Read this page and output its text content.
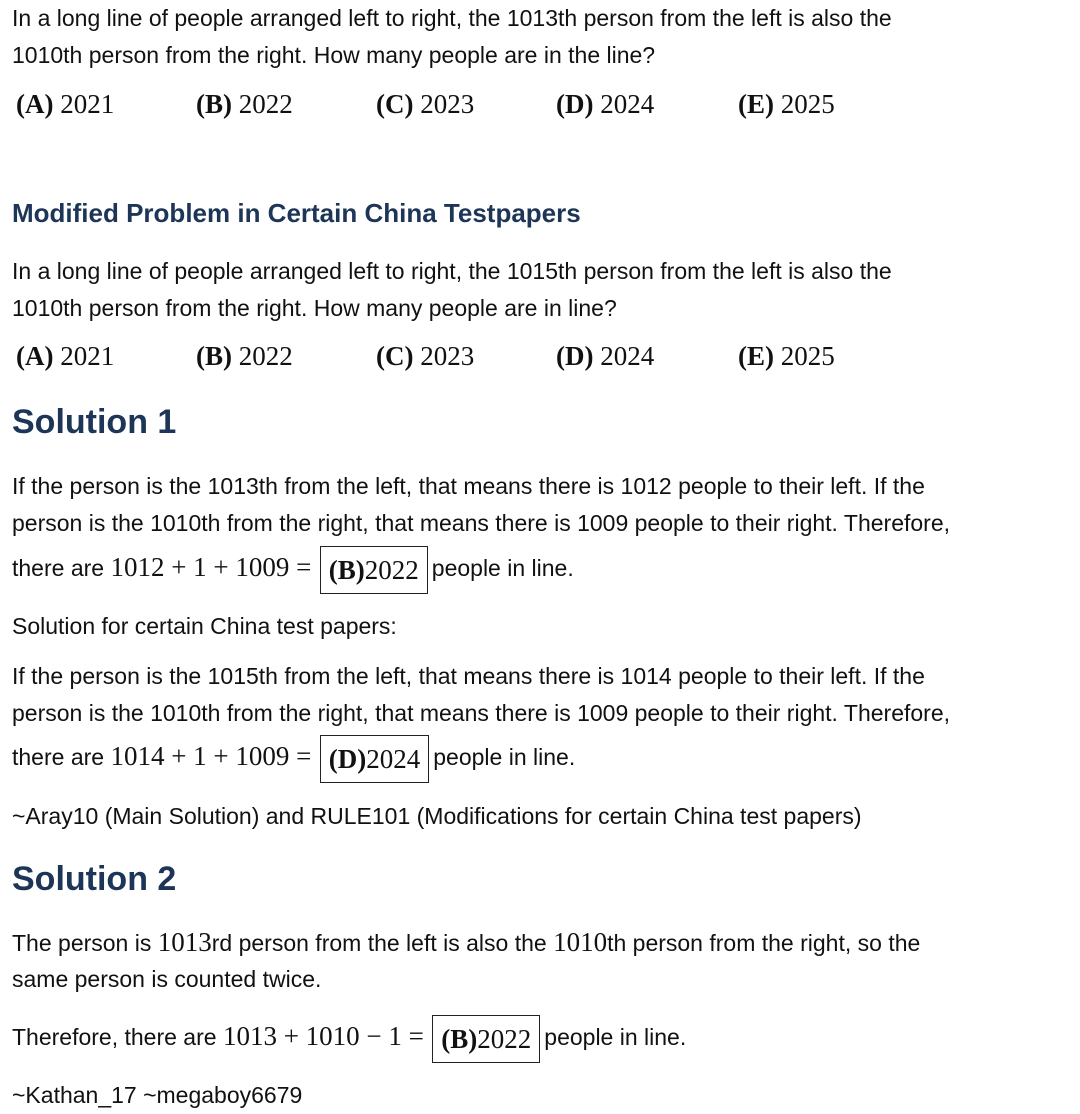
In a long line of people arranged left to right, the 1013th person from the left is also the
1010th person from the right. How many people are in the line?
(A) 2021	(B) 2022	(C) 2023	(D) 2024	(E) 2025
Modified Problem in Certain China Testpapers
In a long line of people arranged left to right, the 1015th person from the left is also the
1010th person from the right. How many people are in line?
(A) 2021	(B) 2022	(C) 2023	(D) 2024	(E) 2025
Solution 1
If the person is the 1013th from the left, that means there is 1012 people to their left. If the
person is the 1010th from the right, that means there is 1009 people to their right. Therefore,
there are 1012 + 1 + 1009 = (B)2022 people in line.
Solution for certain China test papers:
If the person is the 1015th from the left, that means there is 1014 people to their left. If the
person is the 1010th from the right, that means there is 1009 people to their right. Therefore,
there are 1014 + 1 + 1009 = (D)2024 people in line.
~Aray10 (Main Solution) and RULE101 (Modifications for certain China test papers)
Solution 2
The person is 1013rd person from the left is also the 1010th person from the right, so the
same person is counted twice.
Therefore, there are 1013 + 1010 − 1 = (B)2022 people in line.
~Kathan_17 ~megaboy6679
